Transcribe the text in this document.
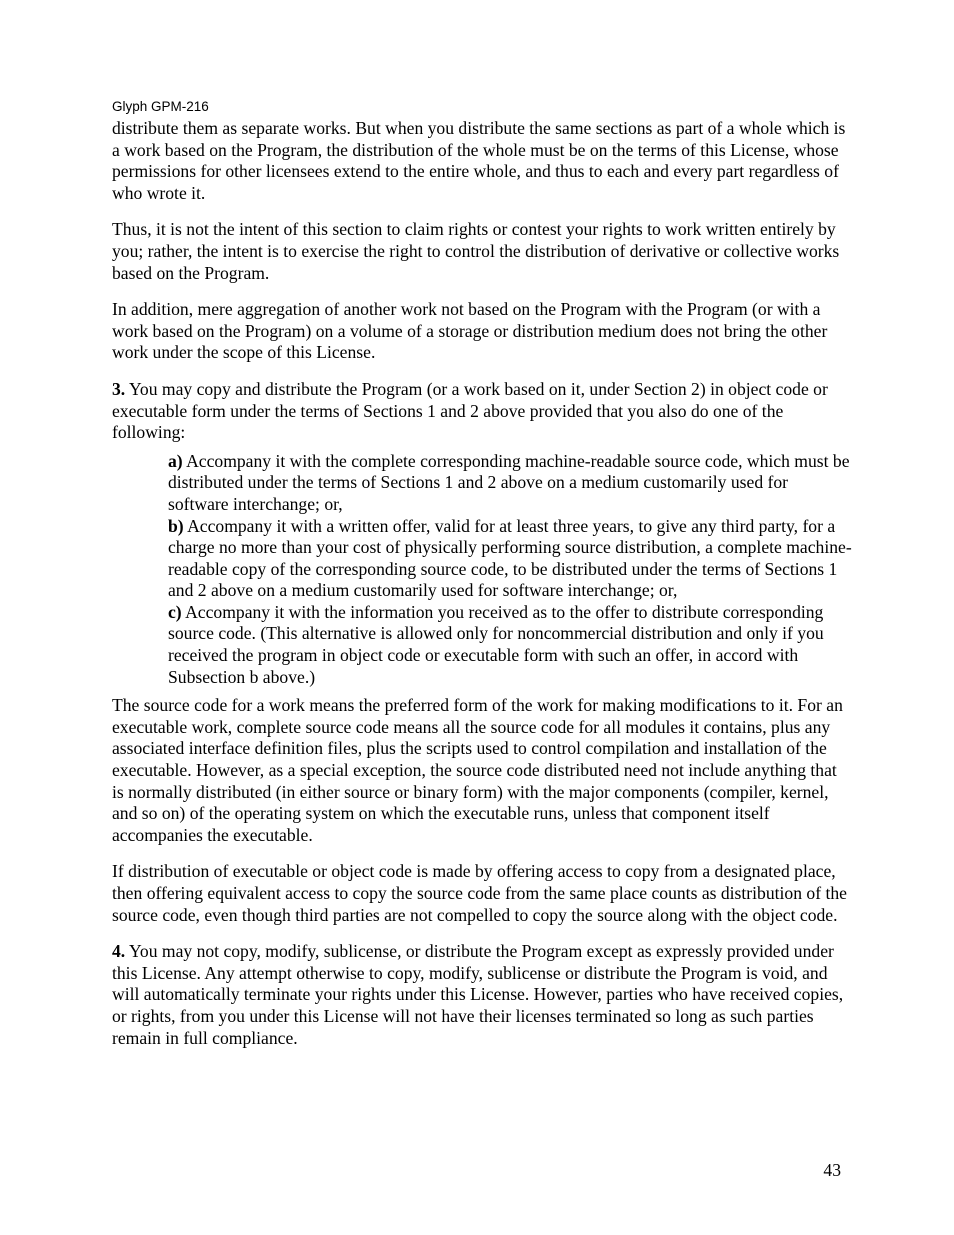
Glyph GPM-216

distribute them as separate works. But when you distribute the same sections as part of a whole which is a work based on the Program, the distribution of the whole must be on the terms of this License, whose permissions for other licensees extend to the entire whole, and thus to each and every part regardless of who wrote it.

Thus, it is not the intent of this section to claim rights or contest your rights to work written entirely by you; rather, the intent is to exercise the right to control the distribution of derivative or collective works based on the Program.

In addition, mere aggregation of another work not based on the Program with the Program (or with a work based on the Program) on a volume of a storage or distribution medium does not bring the other work under the scope of this License.

3. You may copy and distribute the Program (or a work based on it, under Section 2) in object code or executable form under the terms of Sections 1 and 2 above provided that you also do one of the following:

a) Accompany it with the complete corresponding machine-readable source code, which must be distributed under the terms of Sections 1 and 2 above on a medium customarily used for software interchange; or,

b) Accompany it with a written offer, valid for at least three years, to give any third party, for a charge no more than your cost of physically performing source distribution, a complete machine-readable copy of the corresponding source code, to be distributed under the terms of Sections 1 and 2 above on a medium customarily used for software interchange; or,

c) Accompany it with the information you received as to the offer to distribute corresponding source code. (This alternative is allowed only for noncommercial distribution and only if you received the program in object code or executable form with such an offer, in accord with Subsection b above.)

The source code for a work means the preferred form of the work for making modifications to it. For an executable work, complete source code means all the source code for all modules it contains, plus any associated interface definition files, plus the scripts used to control compilation and installation of the executable. However, as a special exception, the source code distributed need not include anything that is normally distributed (in either source or binary form) with the major components (compiler, kernel, and so on) of the operating system on which the executable runs, unless that component itself accompanies the executable.

If distribution of executable or object code is made by offering access to copy from a designated place, then offering equivalent access to copy the source code from the same place counts as distribution of the source code, even though third parties are not compelled to copy the source along with the object code.

4. You may not copy, modify, sublicense, or distribute the Program except as expressly provided under this License. Any attempt otherwise to copy, modify, sublicense or distribute the Program is void, and will automatically terminate your rights under this License. However, parties who have received copies, or rights, from you under this License will not have their licenses terminated so long as such parties remain in full compliance.

43
